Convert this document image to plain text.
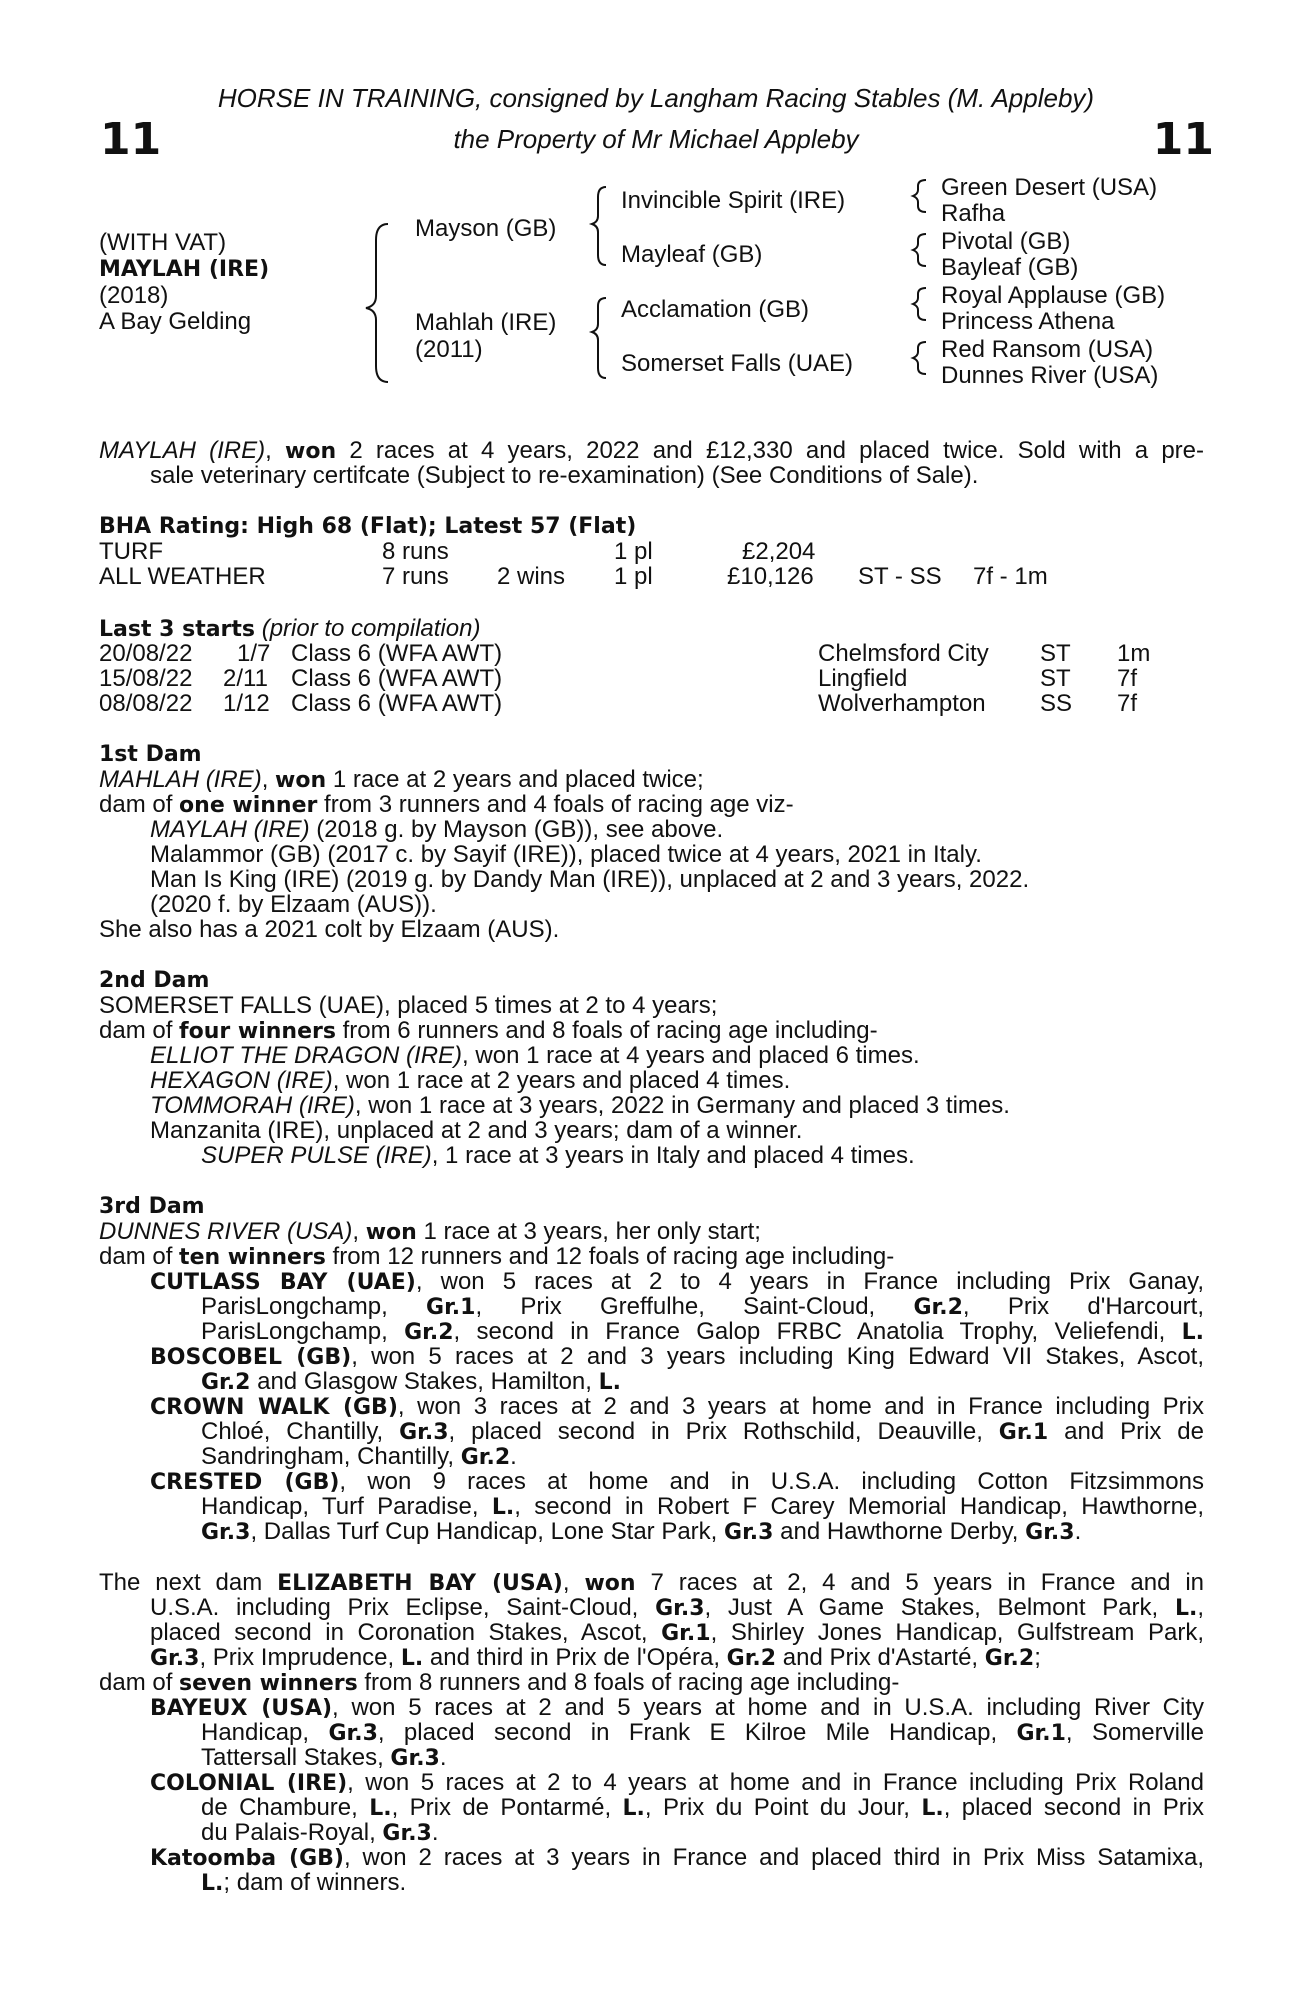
11	11
HORSE IN TRAINING, consigned by Langham Racing Stables (M. Appleby)
the Property of Mr Michael Appleby
(WITH VAT)
MAYLAH (IRE)
(2018)
A Bay Gelding
Mayson (GB)
Mahlah (IRE)
(2011)
Invincible Spirit (IRE)
Mayleaf (GB)
Acclamation (GB)
Somerset Falls (UAE)
Green Desert (USA)
Rafha
Pivotal (GB)
Bayleaf (GB)
Royal Applause (GB)
Princess Athena
Red Ransom (USA)
Dunnes River (USA)
MAYLAH (IRE), won 2 races at 4 years, 2022 and £12,330 and placed twice. Sold with a pre-
sale veterinary certifcate (Subject to re-examination) (See Conditions of Sale).
BHA Rating: High 68 (Flat); Latest 57 (Flat)
TURF	8 runs	1 pl	£2,204
ALL WEATHER	7 runs 2 wins 1 pl	£10,126 ST - SS 7f - 1m
Last 3 starts (prior to compilation)
20/08/22 1/7 Class 6 (WFA AWT)	Chelmsford City ST 1m
15/08/22 2/11 Class 6 (WFA AWT)	Lingfield	ST 7f
08/08/22 1/12 Class 6 (WFA AWT)	Wolverhampton SS 7f
1st Dam
MAHLAH (IRE), won 1 race at 2 years and placed twice;
dam of one winner from 3 runners and 4 foals of racing age viz-
MAYLAH (IRE) (2018 g. by Mayson (GB)), see above.
Malammor (GB) (2017 c. by Sayif (IRE)), placed twice at 4 years, 2021 in Italy.
Man Is King (IRE) (2019 g. by Dandy Man (IRE)), unplaced at 2 and 3 years, 2022.
(2020 f. by Elzaam (AUS)).
She also has a 2021 colt by Elzaam (AUS).
2nd Dam
SOMERSET FALLS (UAE), placed 5 times at 2 to 4 years;
dam of four winners from 6 runners and 8 foals of racing age including-
ELLIOT THE DRAGON (IRE), won 1 race at 4 years and placed 6 times.
HEXAGON (IRE), won 1 race at 2 years and placed 4 times.
TOMMORAH (IRE), won 1 race at 3 years, 2022 in Germany and placed 3 times.
Manzanita (IRE), unplaced at 2 and 3 years; dam of a winner.
SUPER PULSE (IRE), 1 race at 3 years in Italy and placed 4 times.
3rd Dam
DUNNES RIVER (USA), won 1 race at 3 years, her only start;
dam of ten winners from 12 runners and 12 foals of racing age including-
CUTLASS BAY (UAE), won 5 races at 2 to 4 years in France including Prix Ganay,
ParisLongchamp, Gr.1, Prix Greffulhe, Saint-Cloud, Gr.2, Prix d'Harcourt,
ParisLongchamp, Gr.2, second in France Galop FRBC Anatolia Trophy, Veliefendi, L.
BOSCOBEL (GB), won 5 races at 2 and 3 years including King Edward VII Stakes, Ascot,
Gr.2 and Glasgow Stakes, Hamilton, L.
CROWN WALK (GB), won 3 races at 2 and 3 years at home and in France including Prix
Chloé, Chantilly, Gr.3, placed second in Prix Rothschild, Deauville, Gr.1 and Prix de
Sandringham, Chantilly, Gr.2.
CRESTED (GB), won 9 races at home and in U.S.A. including Cotton Fitzsimmons
Handicap, Turf Paradise, L., second in Robert F Carey Memorial Handicap, Hawthorne,
Gr.3, Dallas Turf Cup Handicap, Lone Star Park, Gr.3 and Hawthorne Derby, Gr.3.
The next dam ELIZABETH BAY (USA), won 7 races at 2, 4 and 5 years in France and in
U.S.A. including Prix Eclipse, Saint-Cloud, Gr.3, Just A Game Stakes, Belmont Park, L.,
placed second in Coronation Stakes, Ascot, Gr.1, Shirley Jones Handicap, Gulfstream Park,
Gr.3, Prix Imprudence, L. and third in Prix de l'Opéra, Gr.2 and Prix d'Astarté, Gr.2;
dam of seven winners from 8 runners and 8 foals of racing age including-
BAYEUX (USA), won 5 races at 2 and 5 years at home and in U.S.A. including River City
Handicap, Gr.3, placed second in Frank E Kilroe Mile Handicap, Gr.1, Somerville
Tattersall Stakes, Gr.3.
COLONIAL (IRE), won 5 races at 2 to 4 years at home and in France including Prix Roland
de Chambure, L., Prix de Pontarmé, L., Prix du Point du Jour, L., placed second in Prix
du Palais-Royal, Gr.3.
Katoomba (GB), won 2 races at 3 years in France and placed third in Prix Miss Satamixa,
L.; dam of winners.
